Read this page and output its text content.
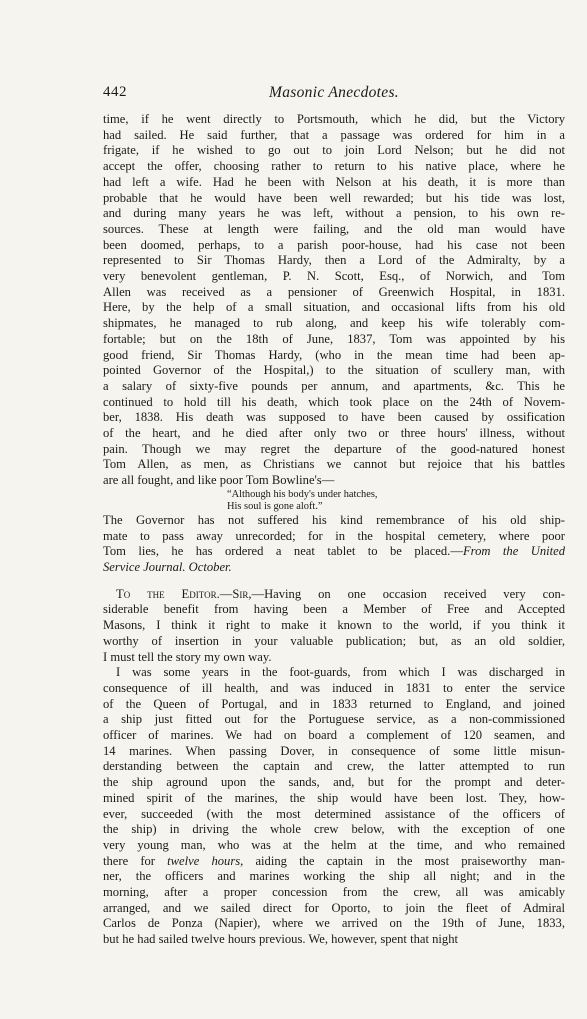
442	Masonic Anecdotes.
time, if he went directly to Portsmouth, which he did, but the Victory
had sailed. He said further, that a passage was ordered for him in a
frigate, if he wished to go out to join Lord Nelson; but he did not
accept the offer, choosing rather to return to his native place, where he
had left a wife. Had he been with Nelson at his death, it is more than
probable that he would have been well rewarded; but his tide was lost,
and during many years he was left, without a pension, to his own re-
sources. These at length were failing, and the old man would have
been doomed, perhaps, to a parish poor-house, had his case not been
represented to Sir Thomas Hardy, then a Lord of the Admiralty, by a
very benevolent gentleman, P. N. Scott, Esq., of Norwich, and Tom
Allen was received as a pensioner of Greenwich Hospital, in 1831.
Here, by the help of a small situation, and occasional lifts from his old
shipmates, he managed to rub along, and keep his wife tolerably com-
fortable; but on the 18th of June, 1837, Tom was appointed by his
good friend, Sir Thomas Hardy, (who in the mean time had been ap-
pointed Governor of the Hospital,) to the situation of scullery man, with
a salary of sixty-five pounds per annum, and apartments, &c. This he
continued to hold till his death, which took place on the 24th of Novem-
ber, 1838. His death was supposed to have been caused by ossification
of the heart, and he died after only two or three hours' illness, without
pain. Though we may regret the departure of the good-natured honest
Tom Allen, as men, as Christians we cannot but rejoice that his battles
are all fought, and like poor Tom Bowline's—
“Although his body's under hatches,
His soul is gone aloft.”
The Governor has not suffered his kind remembrance of his old ship-
mate to pass away unrecorded; for in the hospital cemetery, where poor
Tom lies, he has ordered a neat tablet to be placed.—From the United
Service Journal. October.
To the Editor.—Sir,—Having on one occasion received very con-
siderable benefit from having been a Member of Free and Accepted
Masons, I think it right to make it known to the world, if you think it
worthy of insertion in your valuable publication; but, as an old soldier,
I must tell the story my own way.
I was some years in the foot-guards, from which I was discharged in
consequence of ill health, and was induced in 1831 to enter the service
of the Queen of Portugal, and in 1833 returned to England, and joined
a ship just fitted out for the Portuguese service, as a non-commissioned
officer of marines. We had on board a complement of 120 seamen, and
14 marines. When passing Dover, in consequence of some little misun-
derstanding between the captain and crew, the latter attempted to run
the ship aground upon the sands, and, but for the prompt and deter-
mined spirit of the marines, the ship would have been lost. They, how-
ever, succeeded (with the most determined assistance of the officers of
the ship) in driving the whole crew below, with the exception of one
very young man, who was at the helm at the time, and who remained
there for twelve hours, aiding the captain in the most praiseworthy man-
ner, the officers and marines working the ship all night; and in the
morning, after a proper concession from the crew, all was amicably
arranged, and we sailed direct for Oporto, to join the fleet of Admiral
Carlos de Ponza (Napier), where we arrived on the 19th of June, 1833,
but he had sailed twelve hours previous. We, however, spent that night
